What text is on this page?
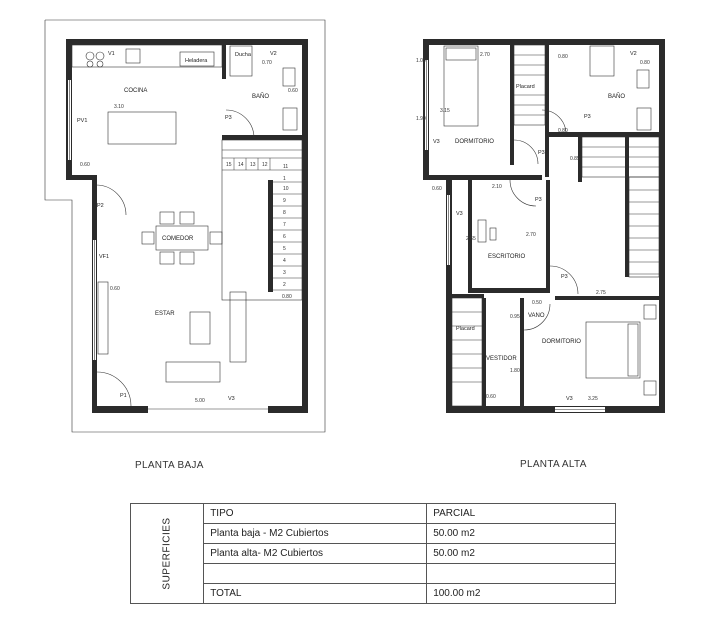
COCINA
BAÑO
COMEDOR
ESTAR
Heladera
Ducha
V1	V2
V3
PV1
VF1
P1
P2
P3
0.60
0.80
5.00
0.70
3.10
0.60
0.60
15 14 13 12	11
10
9
8
7
6
5
4
3
2
1
DORMITORIO
BAÑO
ESCRITORIO
VANO
DORMITORIO
VESTIDOR
Placard
Placard
V2
V3
V3
V3
P3
P3
P3
P3
2.70	0.80
1.00
3.15
1.90
0.80
0.85
2.10
2.65
2.70
2.75
0.50
0.60
0.95
1.80
3.25
0.60
0.80
PLANTA BAJA	PLANTA ALTA
SUPERFICIES	TIPO	PARCIAL
	Planta baja - M2 Cubiertos	50.00 m2
	Planta alta- M2 Cubiertos	50.00 m2

	TOTAL	100.00 m2
